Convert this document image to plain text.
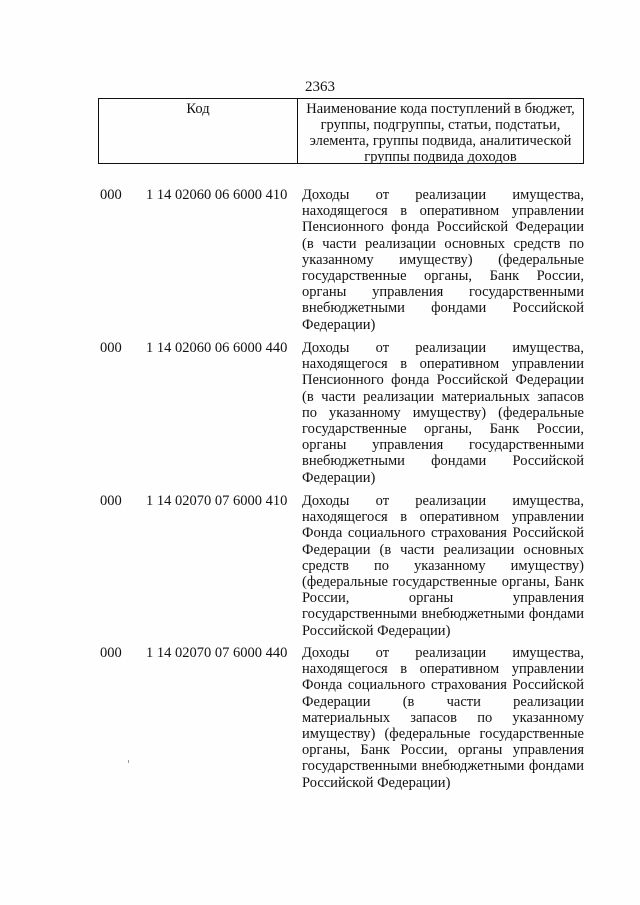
2363
Код	Наименование кода поступлений в бюджет, группы, подгруппы, статьи, подстатьи, элемента, группы подвида, аналитической группы подвида доходов
000 1 14 02060 06 6000 410 Доходы от реализации имущества, находящегося в оперативном управлении Пенсионного фонда Российской Федерации (в части реализации основных средств по указанному имуществу) (федеральные государственные органы, Банк России, органы управления государственными внебюджетными фондами Российской Федерации)
000 1 14 02060 06 6000 440 Доходы от реализации имущества, находящегося в оперативном управлении Пенсионного фонда Российской Федерации (в части реализации материальных запасов по указанному имуществу) (федеральные государственные органы, Банк России, органы управления государственными внебюджетными фондами Российской Федерации)
000 1 14 02070 07 6000 410 Доходы от реализации имущества, находящегося в оперативном управлении Фонда социального страхования Российской Федерации (в части реализации основных средств по указанному имуществу) (федеральные государственные органы, Банк России, органы управления государственными внебюджетными фондами Российской Федерации)
000 1 14 02070 07 6000 440 Доходы от реализации имущества, находящегося в оперативном управлении Фонда социального страхования Российской Федерации (в части реализации материальных запасов по указанному имуществу) (федеральные государственные органы, Банк России, органы управления государственными внебюджетными фондами Российской Федерации)
